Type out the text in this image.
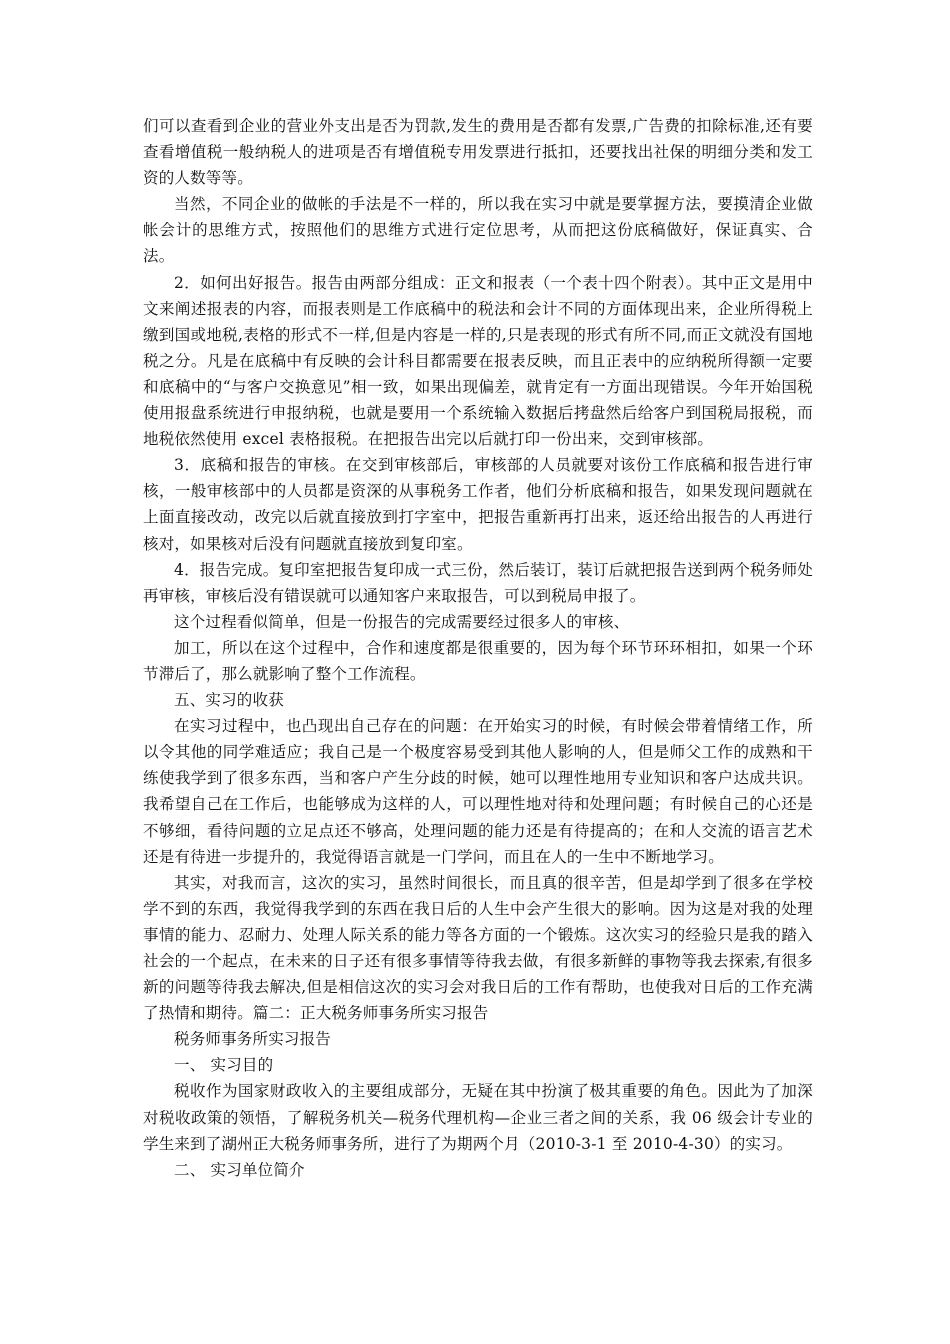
们可以查看到企业的营业外支出是否为罚款,发生的费用是否都有发票,广告费的扣除标准,还有要查看增值税一般纳税人的进项是否有增值税专用发票进行抵扣，还要找出社保的明细分类和发工资的人数等等。

当然，不同企业的做帐的手法是不一样的，所以我在实习中就是要掌握方法，要摸清企业做帐会计的思维方式，按照他们的思维方式进行定位思考，从而把这份底稿做好，保证真实、合法。

2．如何出好报告。报告由两部分组成：正文和报表（一个表十四个附表）。其中正文是用中文来阐述报表的内容，而报表则是工作底稿中的税法和会计不同的方面体现出来，企业所得税上缴到国或地税,表格的形式不一样,但是内容是一样的,只是表现的形式有所不同,而正文就没有国地税之分。凡是在底稿中有反映的会计科目都需要在报表反映，而且正表中的应纳税所得额一定要和底稿中的“与客户交换意见”相一致，如果出现偏差，就肯定有一方面出现错误。今年开始国税使用报盘系统进行申报纳税，也就是要用一个系统输入数据后拷盘然后给客户到国税局报税，而地税依然使用 excel 表格报税。在把报告出完以后就打印一份出来，交到审核部。

3．底稿和报告的审核。在交到审核部后，审核部的人员就要对该份工作底稿和报告进行审核，一般审核部中的人员都是资深的从事税务工作者，他们分析底稿和报告，如果发现问题就在上面直接改动，改完以后就直接放到打字室中，把报告重新再打出来，返还给出报告的人再进行核对，如果核对后没有问题就直接放到复印室。

4．报告完成。复印室把报告复印成一式三份，然后装订，装订后就把报告送到两个税务师处再审核，审核后没有错误就可以通知客户来取报告，可以到税局申报了。

这个过程看似简单，但是一份报告的完成需要经过很多人的审核、

加工，所以在这个过程中，合作和速度都是很重要的，因为每个环节环环相扣，如果一个环节滞后了，那么就影响了整个工作流程。

五、实习的收获

在实习过程中，也凸现出自己存在的问题：在开始实习的时候，有时候会带着情绪工作，所以令其他的同学难适应；我自己是一个极度容易受到其他人影响的人，但是师父工作的成熟和干练使我学到了很多东西，当和客户产生分歧的时候，她可以理性地用专业知识和客户达成共识。我希望自己在工作后，也能够成为这样的人，可以理性地对待和处理问题；有时候自己的心还是不够细，看待问题的立足点还不够高，处理问题的能力还是有待提高的；在和人交流的语言艺术还是有待进一步提升的，我觉得语言就是一门学问，而且在人的一生中不断地学习。

其实，对我而言，这次的实习，虽然时间很长，而且真的很辛苦，但是却学到了很多在学校学不到的东西，我觉得我学到的东西在我日后的人生中会产生很大的影响。因为这是对我的处理事情的能力、忍耐力、处理人际关系的能力等各方面的一个锻炼。这次实习的经验只是我的踏入社会的一个起点，在未来的日子还有很多事情等待我去做，有很多新鲜的事物等我去探索,有很多新的问题等待我去解决,但是相信这次的实习会对我日后的工作有帮助，也使我对日后的工作充满了热情和期待。篇二：正大税务师事务所实习报告

税务师事务所实习报告

一、 实习目的

税收作为国家财政收入的主要组成部分，无疑在其中扮演了极其重要的角色。因此为了加深对税收政策的领悟，了解税务机关—税务代理机构—企业三者之间的关系，我 06 级会计专业的学生来到了湖州正大税务师事务所，进行了为期两个月（2010-3-1 至 2010-4-30）的实习。

二、 实习单位简介
